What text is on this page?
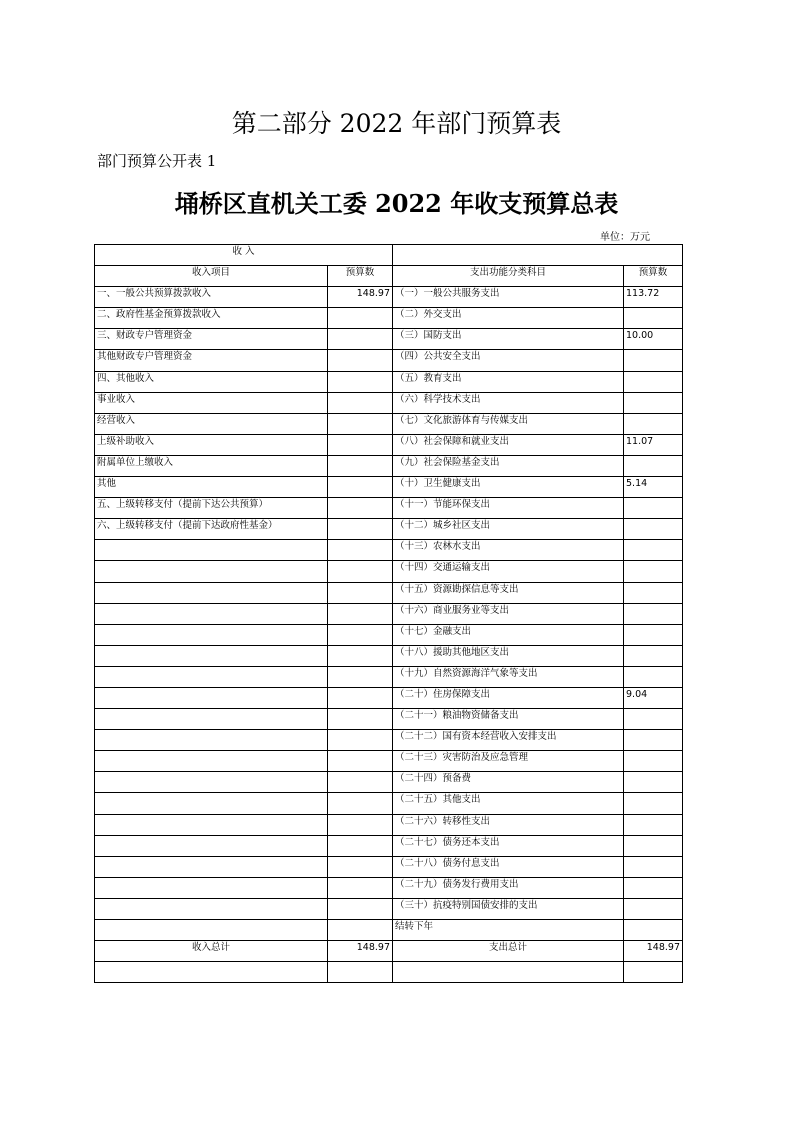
第二部分 2022 年部门预算表
部门预算公开表 1
埇桥区直机关工委 2022 年收支预算总表
单位：万元
收 入			
收入项目	预算数	支出功能分类科目	预算数
一、一般公共预算拨款收入	148.97	（一）一般公共服务支出	113.72
二、政府性基金预算拨款收入		（二）外交支出	
三、财政专户管理资金		（三）国防支出	10.00
其他财政专户管理资金		（四）公共安全支出	
四、其他收入		（五）教育支出	
事业收入		（六）科学技术支出	
经营收入		（七）文化旅游体育与传媒支出	
上级补助收入		（八）社会保障和就业支出	11.07
附属单位上缴收入		（九）社会保险基金支出	
其他		（十）卫生健康支出	5.14
五、上级转移支付（提前下达公共预算）		（十一）节能环保支出	
六、上级转移支付（提前下达政府性基金）		（十二）城乡社区支出	
		（十三）农林水支出	
		（十四）交通运输支出	
		（十五）资源勘探信息等支出	
		（十六）商业服务业等支出	
		（十七）金融支出	
		（十八）援助其他地区支出	
		（十九）自然资源海洋气象等支出	
		（二十）住房保障支出	9.04
		（二十一）粮油物资储备支出	
		（二十二）国有资本经营收入安排支出	
		（二十三）灾害防治及应急管理	
		（二十四）预备费	
		（二十五）其他支出	
		（二十六）转移性支出	
		（二十七）债务还本支出	
		（二十八）债务付息支出	
		（二十九）债务发行费用支出	
		（三十）抗疫特别国债安排的支出	
		结转下年	
收入总计	148.97	支出总计	148.97
